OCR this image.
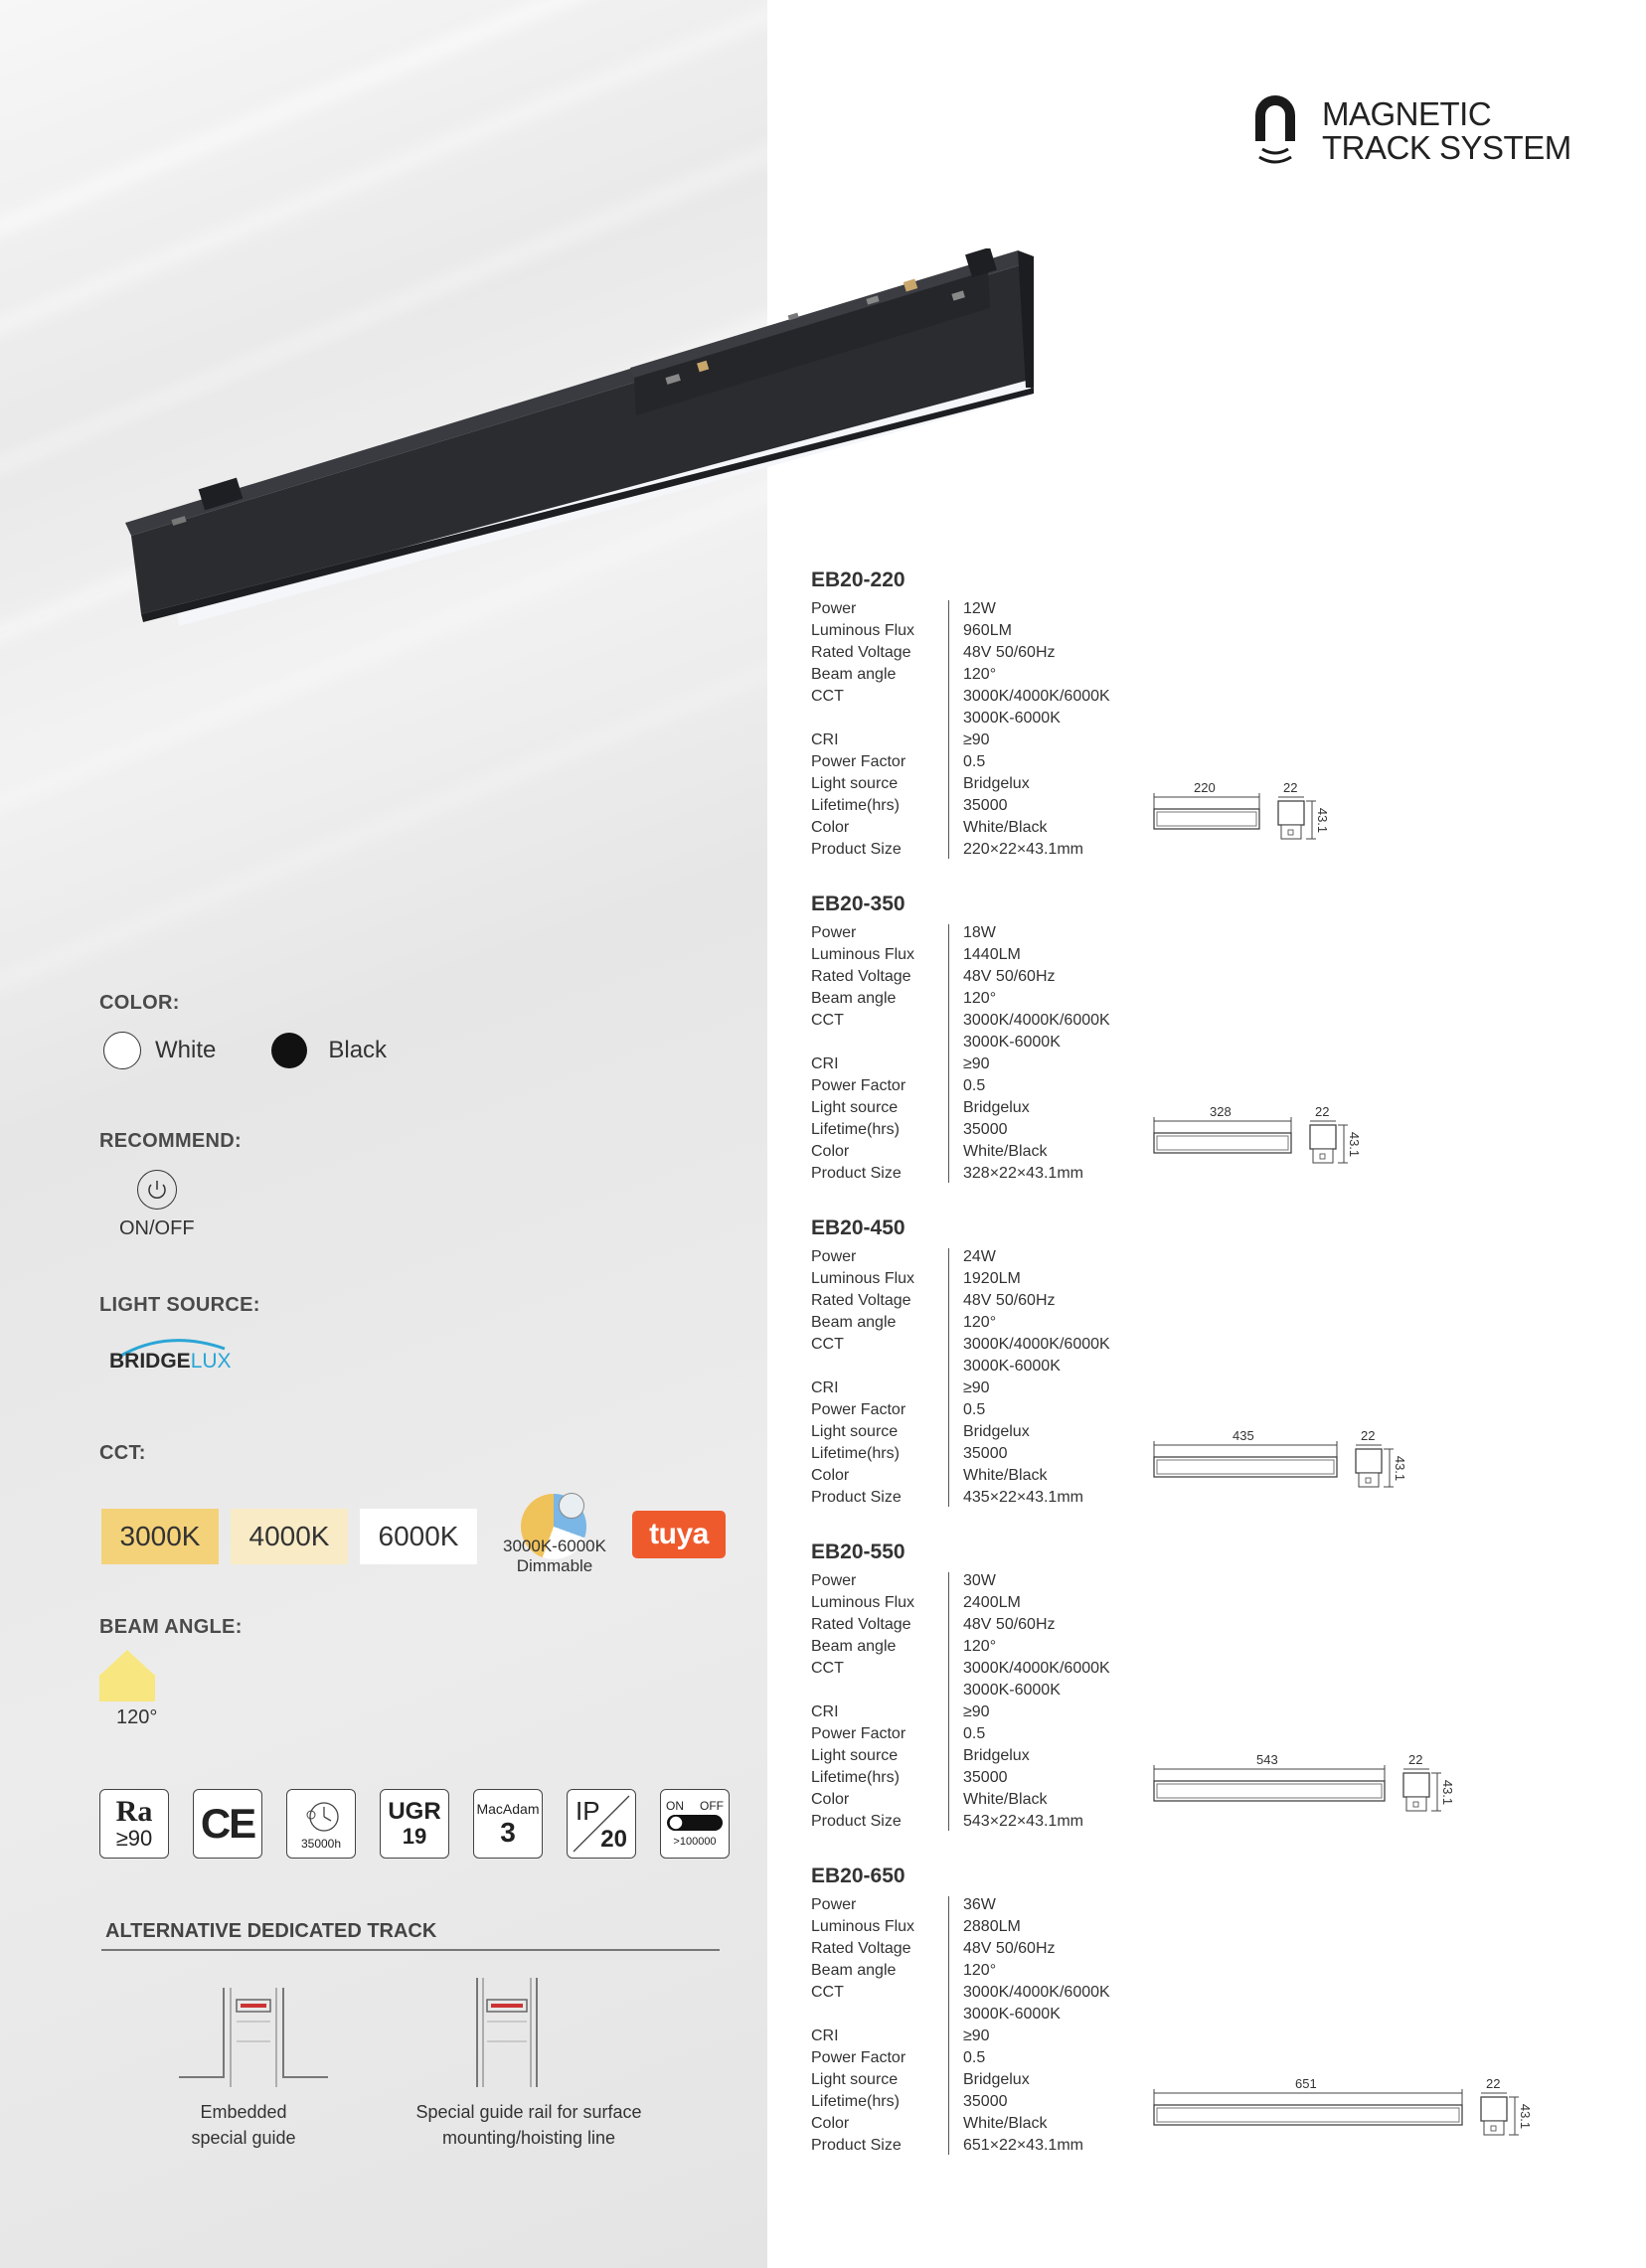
MAGNETIC
TRACK SYSTEM
COLOR:
White	Black
RECOMMEND:
ON/OFF
LIGHT SOURCE:
BRIDGELUX
CCT:
3000K	4000K	6000K	3000K-6000K
Dimmable
tuya
BEAM ANGLE:
120°
Ra
≥90 CE	35000h
UGR
19
MacAdam
3
IP
20
ON OFF
>100000
ALTERNATIVE DEDICATED TRACK
Embedded
special guide
Special guide rail for surface
mounting/hoisting line
EB20-220
Power	12W
Luminous Flux	960LM
Rated Voltage	48V 50/60Hz
Beam angle	120°
CCT	3000K/4000K/6000K
3000K-6000K
CRI	≥90
Power Factor	0.5
Light source	Bridgelux
Lifetime(hrs)	35000
Color	White/Black
Product Size	220×22×43.1mm
220	22
43.1
EB20-350
Power	18W
Luminous Flux	1440LM
Rated Voltage	48V 50/60Hz
Beam angle	120°
CCT	3000K/4000K/6000K
3000K-6000K
CRI	≥90
Power Factor	0.5
Light source	Bridgelux
Lifetime(hrs)	35000
Color	White/Black
Product Size	328×22×43.1mm
328	22
43.1
EB20-450
Power	24W
Luminous Flux	1920LM
Rated Voltage	48V 50/60Hz
Beam angle	120°
CCT	3000K/4000K/6000K
3000K-6000K
CRI	≥90
Power Factor	0.5
Light source	Bridgelux
Lifetime(hrs)	35000
Color	White/Black
Product Size	435×22×43.1mm
435	22
43.1
EB20-550
Power	30W
Luminous Flux	2400LM
Rated Voltage	48V 50/60Hz
Beam angle	120°
CCT	3000K/4000K/6000K
3000K-6000K
CRI	≥90
Power Factor	0.5
Light source	Bridgelux
Lifetime(hrs)	35000
Color	White/Black
Product Size	543×22×43.1mm
543	22
43.1
EB20-650
Power	36W
Luminous Flux	2880LM
Rated Voltage	48V 50/60Hz
Beam angle	120°
CCT	3000K/4000K/6000K
3000K-6000K
CRI	≥90
Power Factor	0.5
Light source	Bridgelux
Lifetime(hrs)	35000
Color	White/Black
Product Size	651×22×43.1mm
651	22
43.1
